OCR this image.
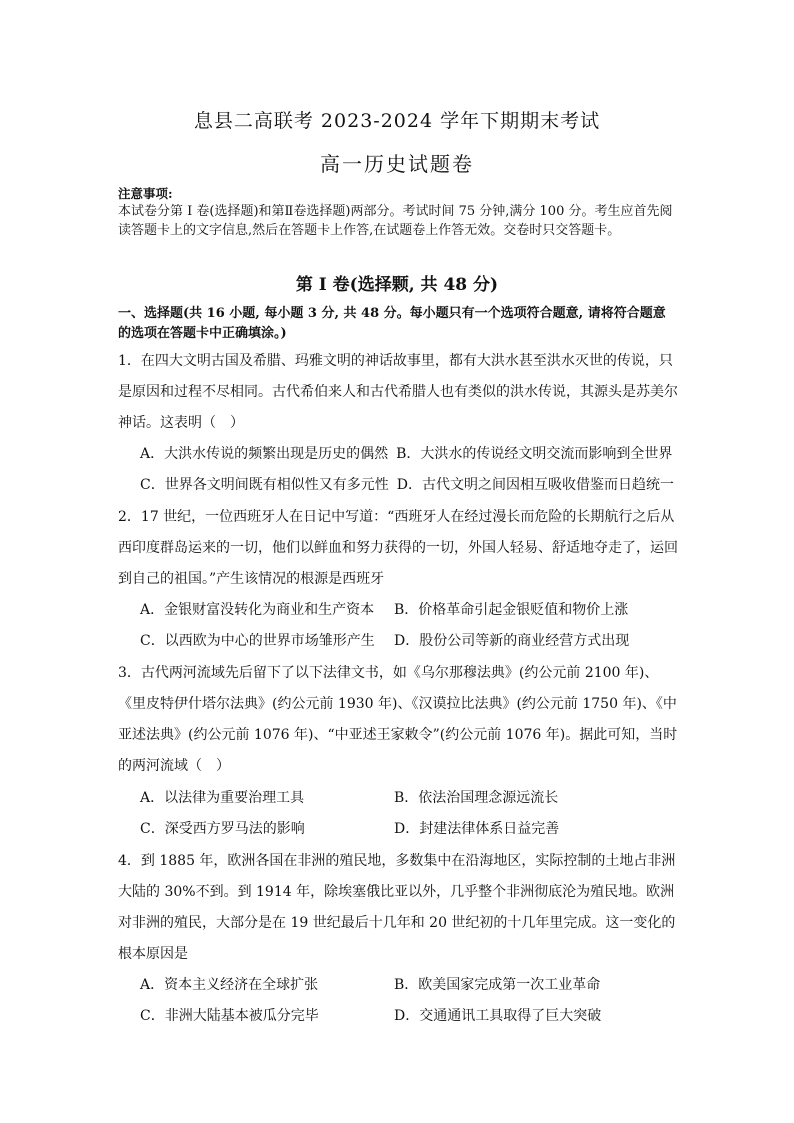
息县二高联考 2023-2024 学年下期期末考试
高一历史试题卷
注意事项:
本试卷分第 I 卷(选择题)和第Ⅱ卷选择题)两部分。考试时间 75 分钟,满分 100 分。考生应首先阅读答题卡上的文字信息,然后在答题卡上作答,在试题卷上作答无效。交卷时只交答题卡。
第 I 卷(选择颗, 共 48 分)
一、选择题(共 16 小题, 每小题 3 分, 共 48 分。每小题只有一个选项符合题意, 请将符合题意的选项在答题卡中正确填涂。)
1．在四大文明古国及希腊、玛雅文明的神话故事里，都有大洪水甚至洪水灭世的传说，只是原因和过程不尽相同。古代希伯来人和古代希腊人也有类似的洪水传说，其源头是苏美尔神话。这表明（　）
A．大洪水传说的频繁出现是历史的偶然 B．大洪水的传说经文明交流而影响到全世界
C．世界各文明间既有相似性又有多元性 D．古代文明之间因相互吸收借鉴而日趋统一
2．17 世纪，一位西班牙人在日记中写道：“西班牙人在经过漫长而危险的长期航行之后从西印度群岛运来的一切，他们以鲜血和努力获得的一切，外国人轻易、舒适地夺走了，运回到自己的祖国。”产生该情况的根源是西班牙
A．金银财富没转化为商业和生产资本	B．价格革命引起金银贬值和物价上涨
C．以西欧为中心的世界市场雏形产生	D．股份公司等新的商业经营方式出现
3．古代两河流域先后留下了以下法律文书，如《乌尔那穆法典》(约公元前 2100 年)、《里皮特伊什塔尔法典》(约公元前 1930 年)、《汉谟拉比法典》(约公元前 1750 年)、《中亚述法典》(约公元前 1076 年)、“中亚述王家敕令”(约公元前 1076 年)。据此可知，当时的两河流域（　）
A．以法律为重要治理工具	B．依法治国理念源远流长
C．深受西方罗马法的影响	D．封建法律体系日益完善
4．到 1885 年，欧洲各国在非洲的殖民地，多数集中在沿海地区，实际控制的土地占非洲大陆的 30%不到。到 1914 年，除埃塞俄比亚以外，几乎整个非洲彻底沦为殖民地。欧洲对非洲的殖民，大部分是在 19 世纪最后十几年和 20 世纪初的十几年里完成。这一变化的根本原因是
A．资本主义经济在全球扩张	B．欧美国家完成第一次工业革命
C．非洲大陆基本被瓜分完毕	D．交通通讯工具取得了巨大突破
